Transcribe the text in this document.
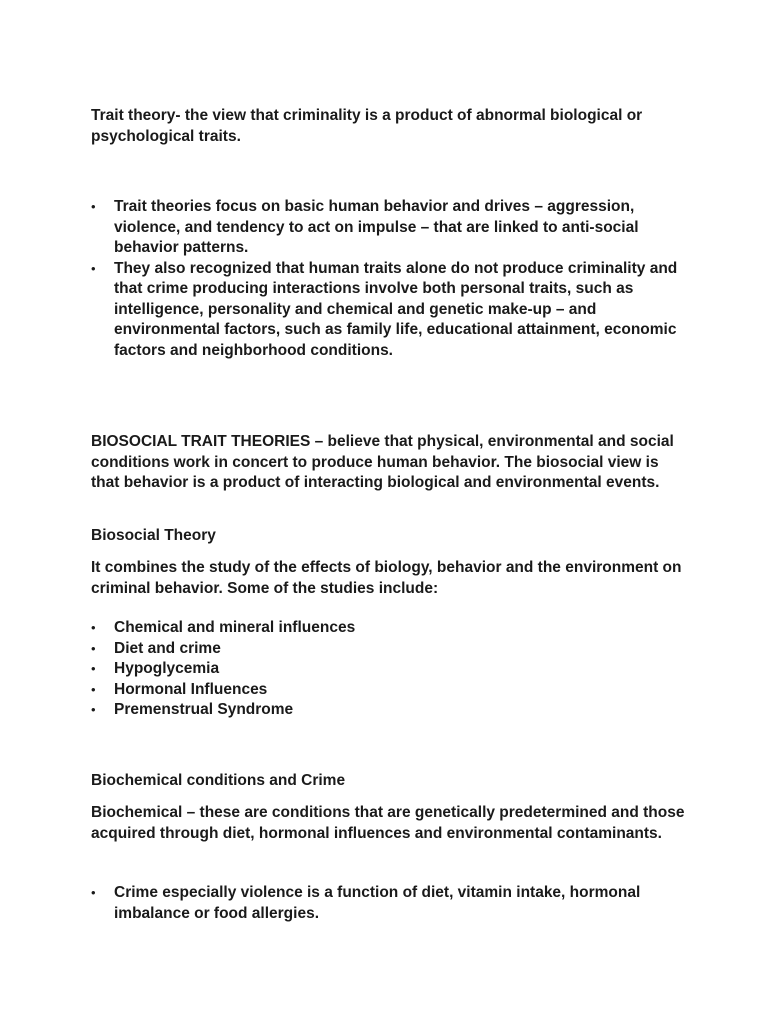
Trait theory- the view that criminality is a product of abnormal biological or psychological traits.

• Trait theories focus on basic human behavior and drives – aggression, violence, and tendency to act on impulse – that are linked to anti-social behavior patterns.
• They also recognized that human traits alone do not produce criminality and that crime producing interactions involve both personal traits, such as intelligence, personality and chemical and genetic make-up – and environmental factors, such as family life, educational attainment, economic factors and neighborhood conditions.

BIOSOCIAL TRAIT THEORIES – believe that physical, environmental and social conditions work in concert to produce human behavior. The biosocial view is that behavior is a product of interacting biological and environmental events.

Biosocial Theory

It combines the study of the effects of biology, behavior and the environment on criminal behavior. Some of the studies include:

• Chemical and mineral influences
• Diet and crime
• Hypoglycemia
• Hormonal Influences
• Premenstrual Syndrome

Biochemical conditions and Crime

Biochemical – these are conditions that are genetically predetermined and those acquired through diet, hormonal influences and environmental contaminants.

• Crime especially violence is a function of diet, vitamin intake, hormonal imbalance or food allergies.
